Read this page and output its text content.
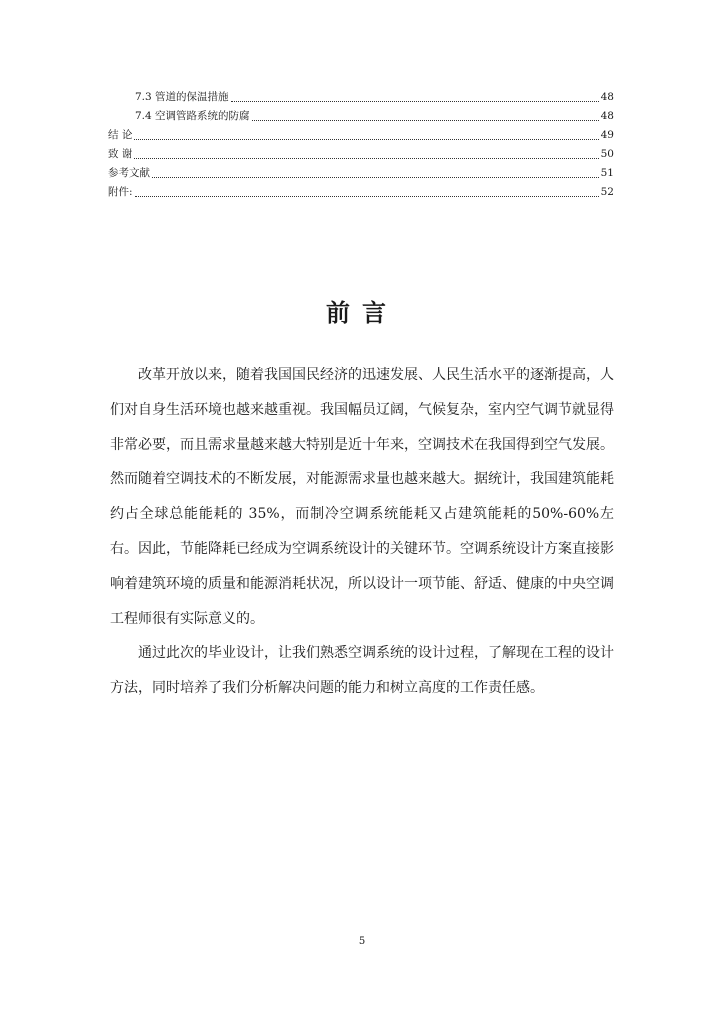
7.3 管道的保温措施	48
7.4 空调管路系统的防腐	48
结 论	49
致 谢	50
参考文献	51
附件:	52
前言

改革开放以来，随着我国国民经济的迅速发展、人民生活水平的逐渐提高，人们对自身生活环境也越来越重视。我国幅员辽阔，气候复杂，室内空气调节就显得非常必要，而且需求量越来越大特别是近十年来，空调技术在我国得到空气发展。然而随着空调技术的不断发展，对能源需求量也越来越大。据统计，我国建筑能耗约占全球总能能耗的 35%，而制冷空调系统能耗又占建筑能耗的50%-60%左右。因此，节能降耗已经成为空调系统设计的关键环节。空调系统设计方案直接影响着建筑环境的质量和能源消耗状况，所以设计一项节能、舒适、健康的中央空调工程师很有实际意义的。

通过此次的毕业设计，让我们熟悉空调系统的设计过程，了解现在工程的设计方法，同时培养了我们分析解决问题的能力和树立高度的工作责任感。

5
